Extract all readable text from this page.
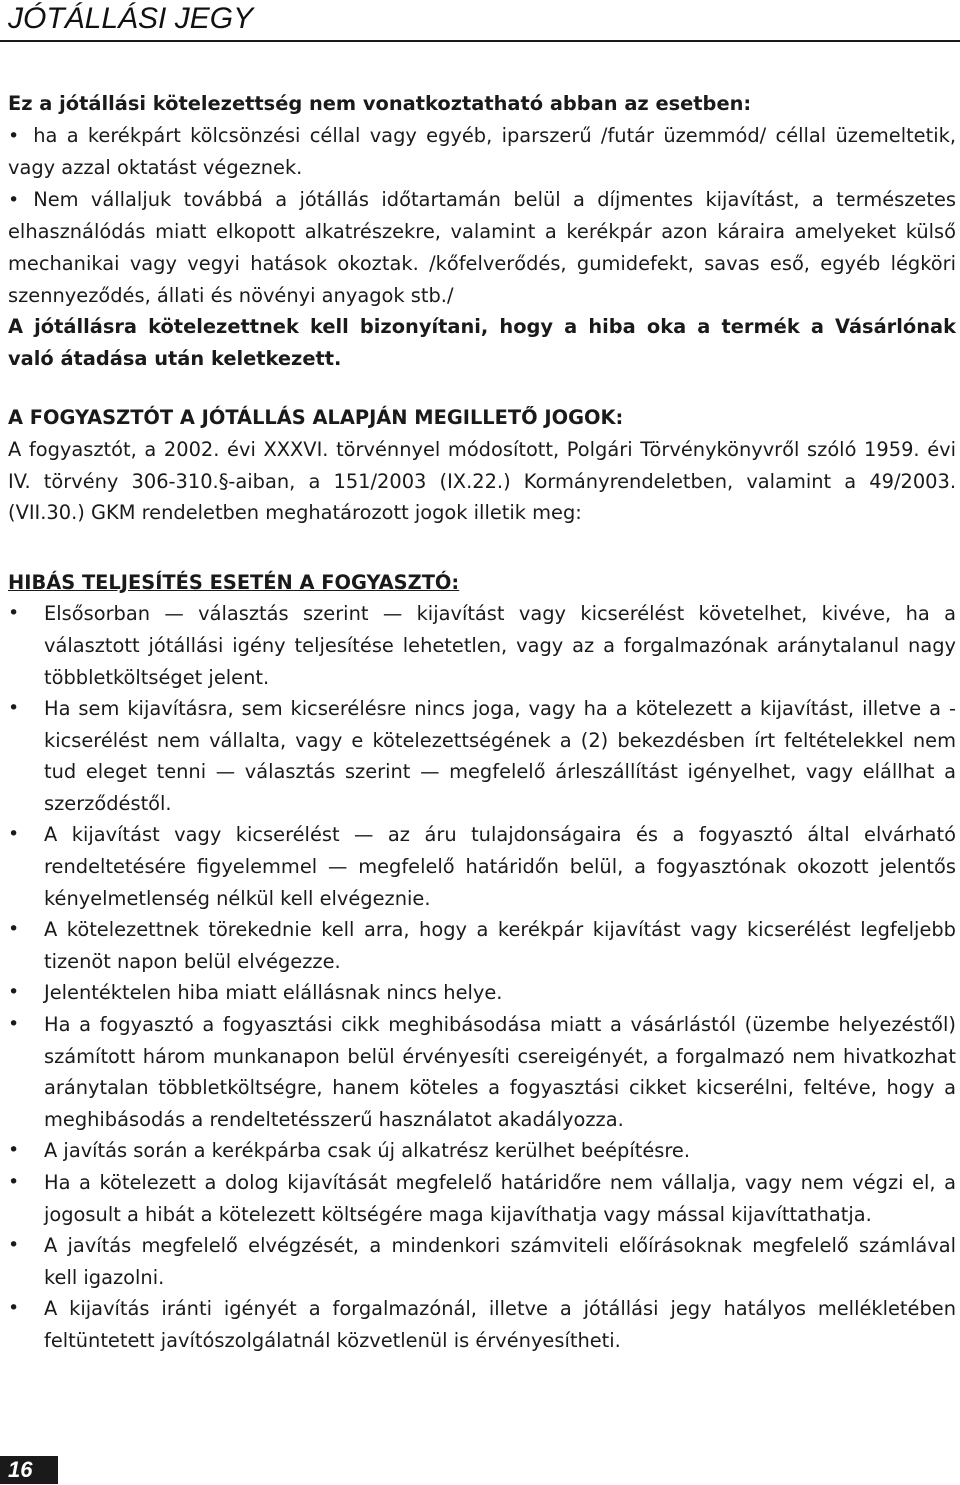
JÓTÁLLÁSI JEGY

Ez a jótállási kötelezettség nem vonatkoztatható abban az esetben:

• ha a kerékpárt kölcsönzési céllal vagy egyéb, iparszerű /futár üzemmód/ céllal üzemeltetik, vagy azzal oktatást végeznek.
• Nem vállaljuk továbbá a jótállás időtartamán belül a díjmentes kijavítást, a természetes elhasználódás miatt elkopott alkatrészekre, valamint a kerékpár azon káraira amelyeket külső mechanikai vagy vegyi hatások okoztak. /kőfelverődés, gumidefekt, savas eső, egyéb légköri szennyeződés, állati és növényi anyagok stb./

A jótállásra kötelezettnek kell bizonyítani, hogy a hiba oka a termék a Vásárlónak való átadása után keletkezett.

A FOGYASZTÓT A JÓTÁLLÁS ALAPJÁN MEGILLETŐ JOGOK:

A fogyasztót, a 2002. évi XXXVI. törvénnyel módosított, Polgári Törvénykönyvről szóló 1959. évi IV. törvény 306-310.§-aiban, a 151/2003 (IX.22.) Kormányrendeletben, valamint a 49/2003. (VII.30.) GKM rendeletben meghatározott jogok illetik meg:

HIBÁS TELJESÍTÉS ESETÉN A FOGYASZTÓ:

• Elsősorban — választás szerint — kijavítást vagy kicserélést követelhet, kivéve, ha a választott jótállási igény teljesítése lehetetlen, vagy az a forgalmazónak aránytalanul nagy többletköltséget jelent.
• Ha sem kijavításra, sem kicserélésre nincs joga, vagy ha a kötelezett a kijavítást, illetve a - kicserélést nem vállalta, vagy e kötelezettségének a (2) bekezdésben írt feltételekkel nem tud eleget tenni — választás szerint — megfelelő árleszállítást igényelhet, vagy elállhat a szerződéstől.
• A kijavítást vagy kicserélést — az áru tulajdonságaira és a fogyasztó által elvárható rendeltetésére figyelemmel — megfelelő határidőn belül, a fogyasztónak okozott jelentős kényelmetlenség nélkül kell elvégeznie.
• A kötelezettnek törekednie kell arra, hogy a kerékpár kijavítást vagy kicserélést legfeljebb tizenöt napon belül elvégezze.
• Jelentéktelen hiba miatt elállásnak nincs helye.
• Ha a fogyasztó a fogyasztási cikk meghibásodása miatt a vásárlástól (üzembe helyezéstől) számított három munkanapon belül érvényesíti csereigényét, a forgalmazó nem hivatkozhat aránytalan többletköltségre, hanem köteles a fogyasztási cikket kicserélni, feltéve, hogy a meghibásodás a rendeltetésszerű használatot akadályozza.
• A javítás során a kerékpárba csak új alkatrész kerülhet beépítésre.
• Ha a kötelezett a dolog kijavítását megfelelő határidőre nem vállalja, vagy nem végzi el, a jogosult a hibát a kötelezett költségére maga kijavíthatja vagy mással kijavíttathatja.
• A javítás megfelelő elvégzését, a mindenkori számviteli előírásoknak megfelelő számlával kell igazolni.
• A kijavítás iránti igényét a forgalmazónál, illetve a jótállási jegy hatályos mellékletében feltüntetett javítószolgálatnál közvetlenül is érvényesítheti.
16
